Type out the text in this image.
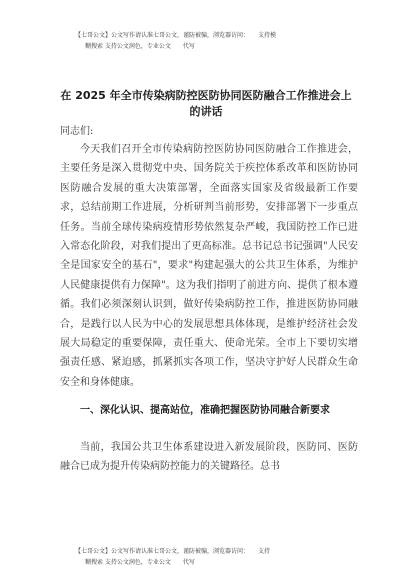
【七哥公文】公文写作请认准七哥公文，谨防被骗，浏览器访问：　　支持模
糊搜索 支持公文润色，专业公文　　代写
在 2025 年全市传染病防控医防协同医防融合工作推进会上 的讲话
同志们:
今天我们召开全市传染病防控医防协同医防融合工作推进会，主要任务是深入贯彻党中央、国务院关于疾控体系改革和医防协同医防融合发展的重大决策部署，全面落实国家及省级最新工作要求，总结前期工作进展，分析研判当前形势，安排部署下一步重点任务。当前全球传染病疫情形势依然复杂严峻，我国防控工作已进入常态化阶段，对我们提出了更高标准。总书记总书记强调"人民安全是国家安全的基石"，要求"构建起强大的公共卫生体系，为维护人民健康提供有力保障"。这为我们指明了前进方向、提供了根本遵循。我们必须深刻认识到，做好传染病防控工作，推进医防协同融合，是践行以人民为中心的发展思想具体体现，是维护经济社会发展大局稳定的重要保障，责任重大、使命光荣。全市上下要切实增强责任感、紧迫感，抓紧抓实各项工作，坚决守护好人民群众生命安全和身体健康。
一、深化认识、提高站位，准确把握医防协同融合新要求
当前，我国公共卫生体系建设进入新发展阶段，医防同、医防融合已成为提升传染病防控能力的关键路径。总书
【七哥公文】公文写作请认准七哥公文，谨防被骗，浏览器访问：　　支持
糊搜索 支持公文润色，专业公文　　代写
